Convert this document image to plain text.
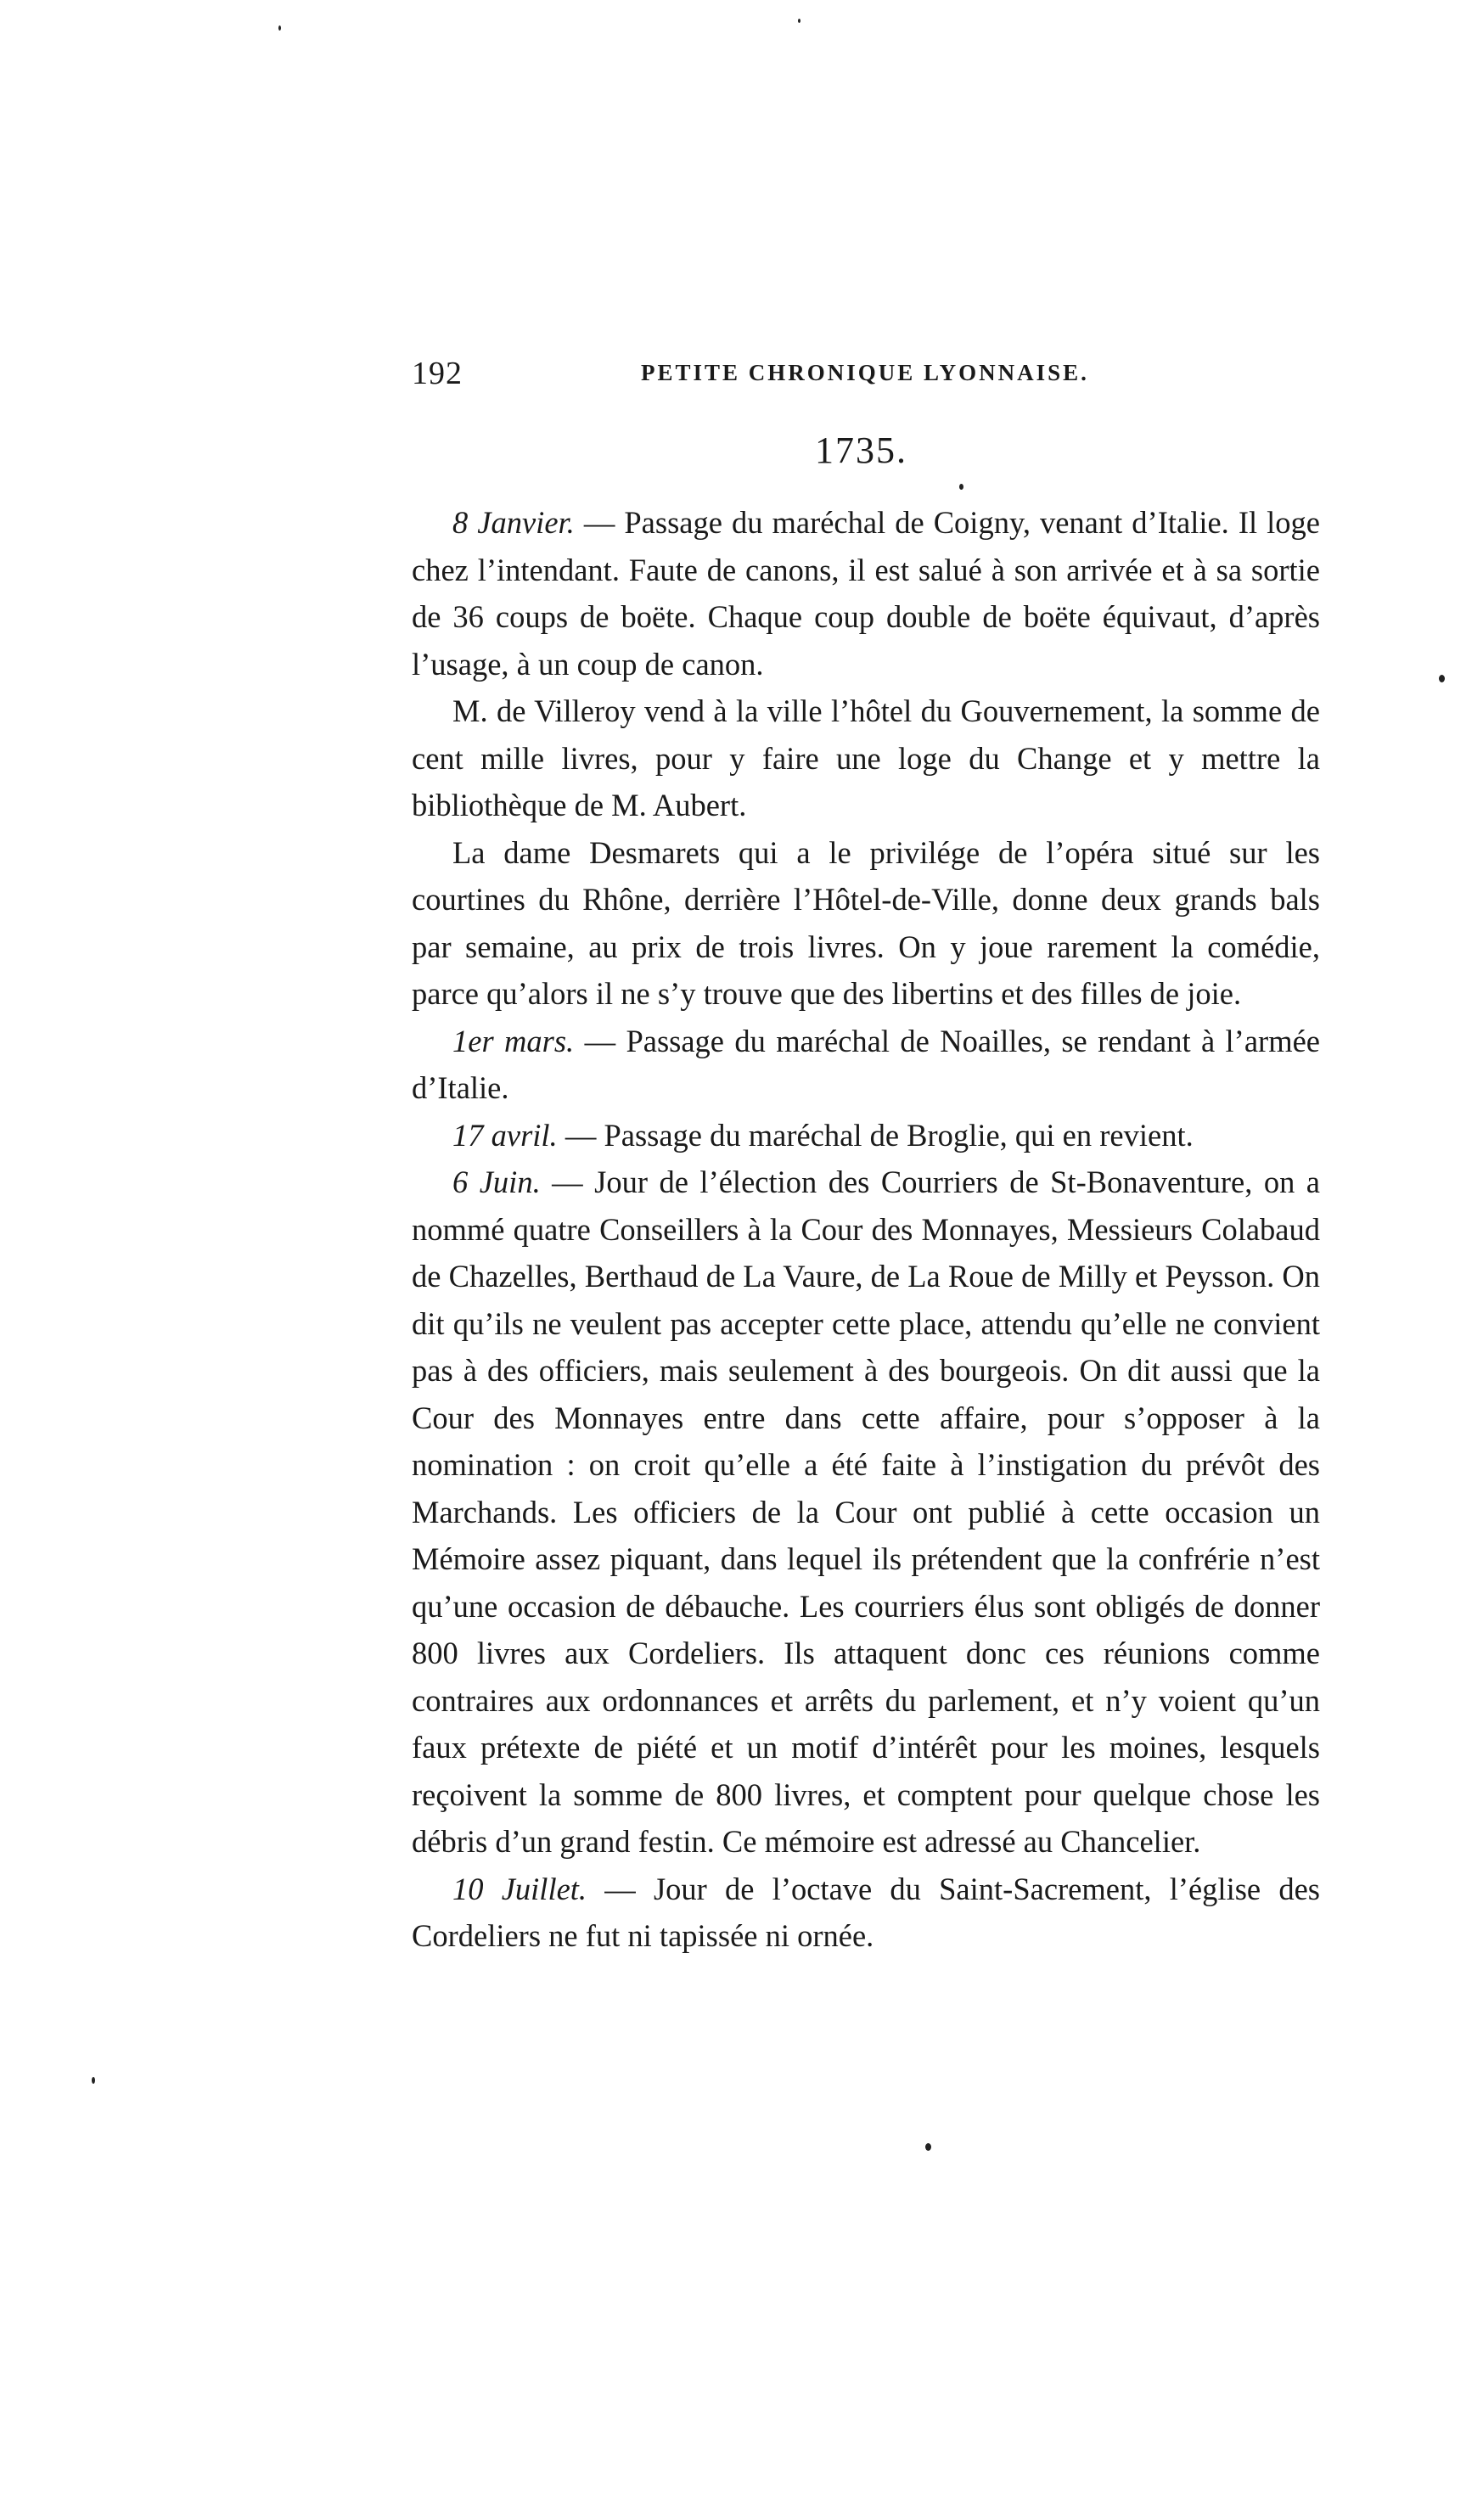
192	PETITE CHRONIQUE LYONNAISE.
1735.

8 Janvier. — Passage du maréchal de Coigny, venant d’Italie. Il loge chez l’intendant. Faute de canons, il est salué à son arrivée et à sa sortie de 36 coups de boëte. Chaque coup double de boëte équivaut, d’après l’usage, à un coup de canon.

M. de Villeroy vend à la ville l’hôtel du Gouvernement, la somme de cent mille livres, pour y faire une loge du Change et y mettre la bibliothèque de M. Aubert.

La dame Desmarets qui a le privilége de l’opéra situé sur les courtines du Rhône, derrière l’Hôtel-de-Ville, donne deux grands bals par semaine, au prix de trois livres. On y joue rarement la comédie, parce qu’alors il ne s’y trouve que des libertins et des filles de joie.

1er mars. — Passage du maréchal de Noailles, se rendant à l’armée d’Italie.

17 avril. — Passage du maréchal de Broglie, qui en revient.

6 Juin. — Jour de l’élection des Courriers de St-Bonaventure, on a nommé quatre Conseillers à la Cour des Monnayes, Messieurs Colabaud de Chazelles, Berthaud de La Vaure, de La Roue de Milly et Peysson. On dit qu’ils ne veulent pas accepter cette place, attendu qu’elle ne convient pas à des officiers, mais seulement à des bourgeois. On dit aussi que la Cour des Monnayes entre dans cette affaire, pour s’opposer à la nomination : on croit qu’elle a été faite à l’instigation du prévôt des Marchands. Les officiers de la Cour ont publié à cette occasion un Mémoire assez piquant, dans lequel ils prétendent que la confrérie n’est qu’une occasion de débauche. Les courriers élus sont obligés de donner 800 livres aux Cordeliers. Ils attaquent donc ces réunions comme contraires aux ordonnances et arrêts du parlement, et n’y voient qu’un faux prétexte de piété et un motif d’intérêt pour les moines, lesquels reçoivent la somme de 800 livres, et comptent pour quelque chose les débris d’un grand festin. Ce mémoire est adressé au Chancelier.

10 Juillet. — Jour de l’octave du Saint-Sacrement, l’église des Cordeliers ne fut ni tapissée ni ornée.
